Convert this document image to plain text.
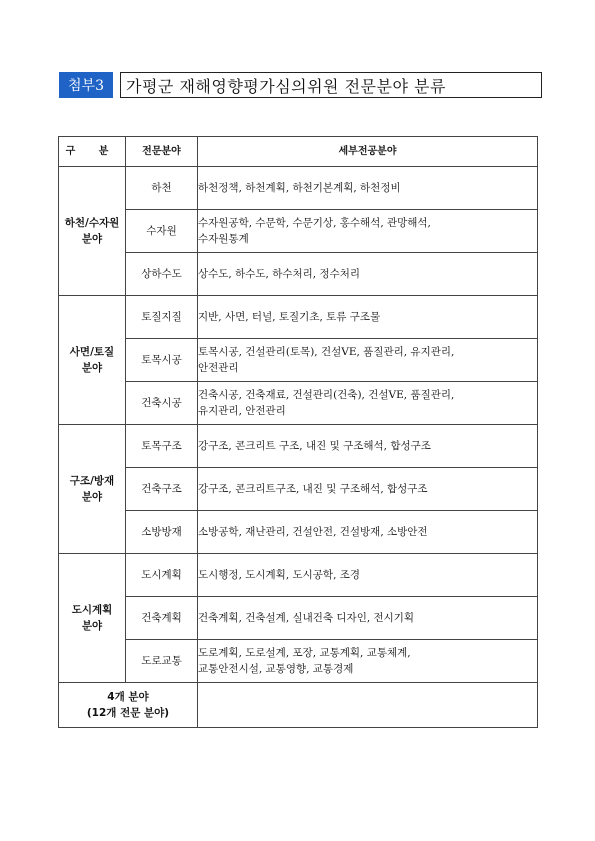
첨부3	가평군 재해영향평가심의위원 전문분야 분류
구 분	전문분야	세부전공분야

하천/수자원
분야	하천	하천정책, 하천계획, 하천기본계획, 하천정비

	수자원	수자원공학, 수문학, 수문기상, 홍수해석, 관망해석,
수자원통계

	상하수도	상수도, 하수도, 하수처리, 정수처리

사면/토질
분야	토질지질	지반, 사면, 터널, 토질기초, 토류 구조물

	토목시공	토목시공, 건설관리(토목), 건설VE, 품질관리, 유지관리,
안전관리

	건축시공	건축시공, 건축재료, 건설관리(건축), 건설VE, 품질관리,
유지관리, 안전관리

구조/방재
분야	토목구조	강구조, 콘크리트 구조, 내진 및 구조해석, 합성구조

	건축구조	강구조, 콘크리트구조, 내진 및 구조해석, 합성구조

	소방방재	소방공학, 재난관리, 건설안전, 건설방재, 소방안전

도시계획
분야	도시계획	도시행정, 도시계획, 도시공학, 조경

	건축계획	건축계획, 건축설계, 실내건축 디자인, 전시기획

	도로교통	도로계획, 도로설계, 포장, 교통계획, 교통체계,
교통안전시설, 교통영향, 교통경제

4개 분야
(12개 전문 분야)		
